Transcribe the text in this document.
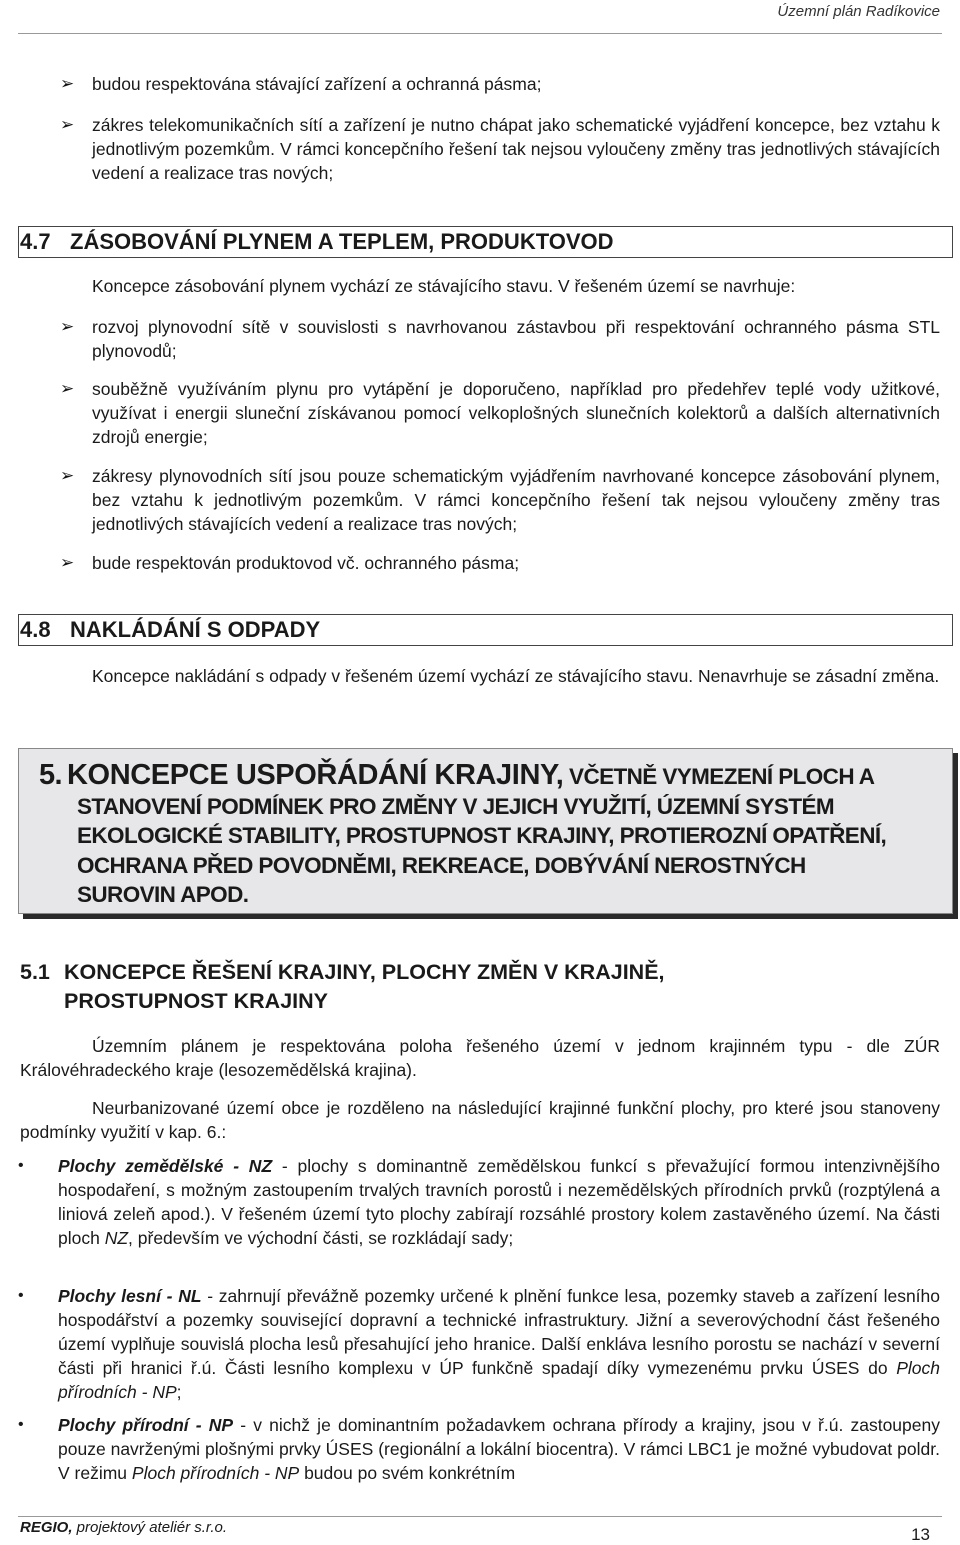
Územní plán Radíkovice
➢ budou respektována stávající zařízení a ochranná pásma;
➢ zákres telekomunikačních sítí a zařízení je nutno chápat jako schematické vyjádření koncepce, bez vztahu k jednotlivým pozemkům. V rámci koncepčního řešení tak nejsou vyloučeny změny tras jednotlivých stávajících vedení a realizace tras nových;
4.7 ZÁSOBOVÁNÍ PLYNEM A TEPLEM, PRODUKTOVOD
Koncepce zásobování plynem vychází ze stávajícího stavu. V řešeném území se navrhuje:
➢ rozvoj plynovodní sítě v souvislosti s navrhovanou zástavbou při respektování ochranného pásma STL plynovodů;
➢ souběžně využíváním plynu pro vytápění je doporučeno, například pro předehřev teplé vody užitkové, využívat i energii sluneční získávanou pomocí velkoplošných slunečních kolektorů a dalších alternativních zdrojů energie;
➢ zákresy plynovodních sítí jsou pouze schematickým vyjádřením navrhované koncepce zásobování plynem, bez vztahu k jednotlivým pozemkům. V rámci koncepčního řešení tak nejsou vyloučeny změny tras jednotlivých stávajících vedení a realizace tras nových;
➢ bude respektován produktovod vč. ochranného pásma;
4.8 NAKLÁDÁNÍ S ODPADY
Koncepce nakládání s odpady v řešeném území vychází ze stávajícího stavu. Nenavrhuje se zásadní změna.
5. KONCEPCE USPOŘÁDÁNÍ KRAJINY, VČETNĚ VYMEZENÍ PLOCH A
STANOVENÍ PODMÍNEK PRO ZMĚNY V JEJICH VYUŽITÍ, ÚZEMNÍ SYSTÉM
EKOLOGICKÉ STABILITY, PROSTUPNOST KRAJINY, PROTIEROZNÍ OPATŘENÍ,
OCHRANA PŘED POVODNĚMI, REKREACE, DOBÝVÁNÍ NEROSTNÝCH
SUROVIN APOD.
5.1 KONCEPCE ŘEŠENÍ KRAJINY, PLOCHY ZMĚN V KRAJINĚ,
PROSTUPNOST KRAJINY
Územním plánem je respektována poloha řešeného území v jednom krajinném typu - dle ZÚR Královéhradeckého kraje (lesozemědělská krajina).
Neurbanizované území obce je rozděleno na následující krajinné funkční plochy, pro které jsou stanoveny podmínky využití v kap. 6.:
• Plochy zemědělské - NZ - plochy s dominantně zemědělskou funkcí s převažující formou intenzivnějšího hospodaření, s možným zastoupením trvalých travních porostů i nezemědělských přírodních prvků (rozptýlená a liniová zeleň apod.). V řešeném území tyto plochy zabírají rozsáhlé prostory kolem zastavěného území. Na části ploch NZ, především ve východní části, se rozkládají sady;
• Plochy lesní - NL - zahrnují převážně pozemky určené k plnění funkce lesa, pozemky staveb a zařízení lesního hospodářství a pozemky související dopravní a technické infrastruktury. Jižní a severovýchodní část řešeného území vyplňuje souvislá plocha lesů přesahující jeho hranice. Další enkláva lesního porostu se nachází v severní části při hranici ř.ú. Části lesního komplexu v ÚP funkčně spadají díky vymezenému prvku ÚSES do Ploch přírodních - NP;
• Plochy přírodní - NP - v nichž je dominantním požadavkem ochrana přírody a krajiny, jsou v ř.ú. zastoupeny pouze navrženými plošnými prvky ÚSES (regionální a lokální biocentra). V rámci LBC1 je možné vybudovat poldr. V režimu Ploch přírodních - NP budou po svém konkrétním
REGIO, projektový ateliér s.r.o.	13
